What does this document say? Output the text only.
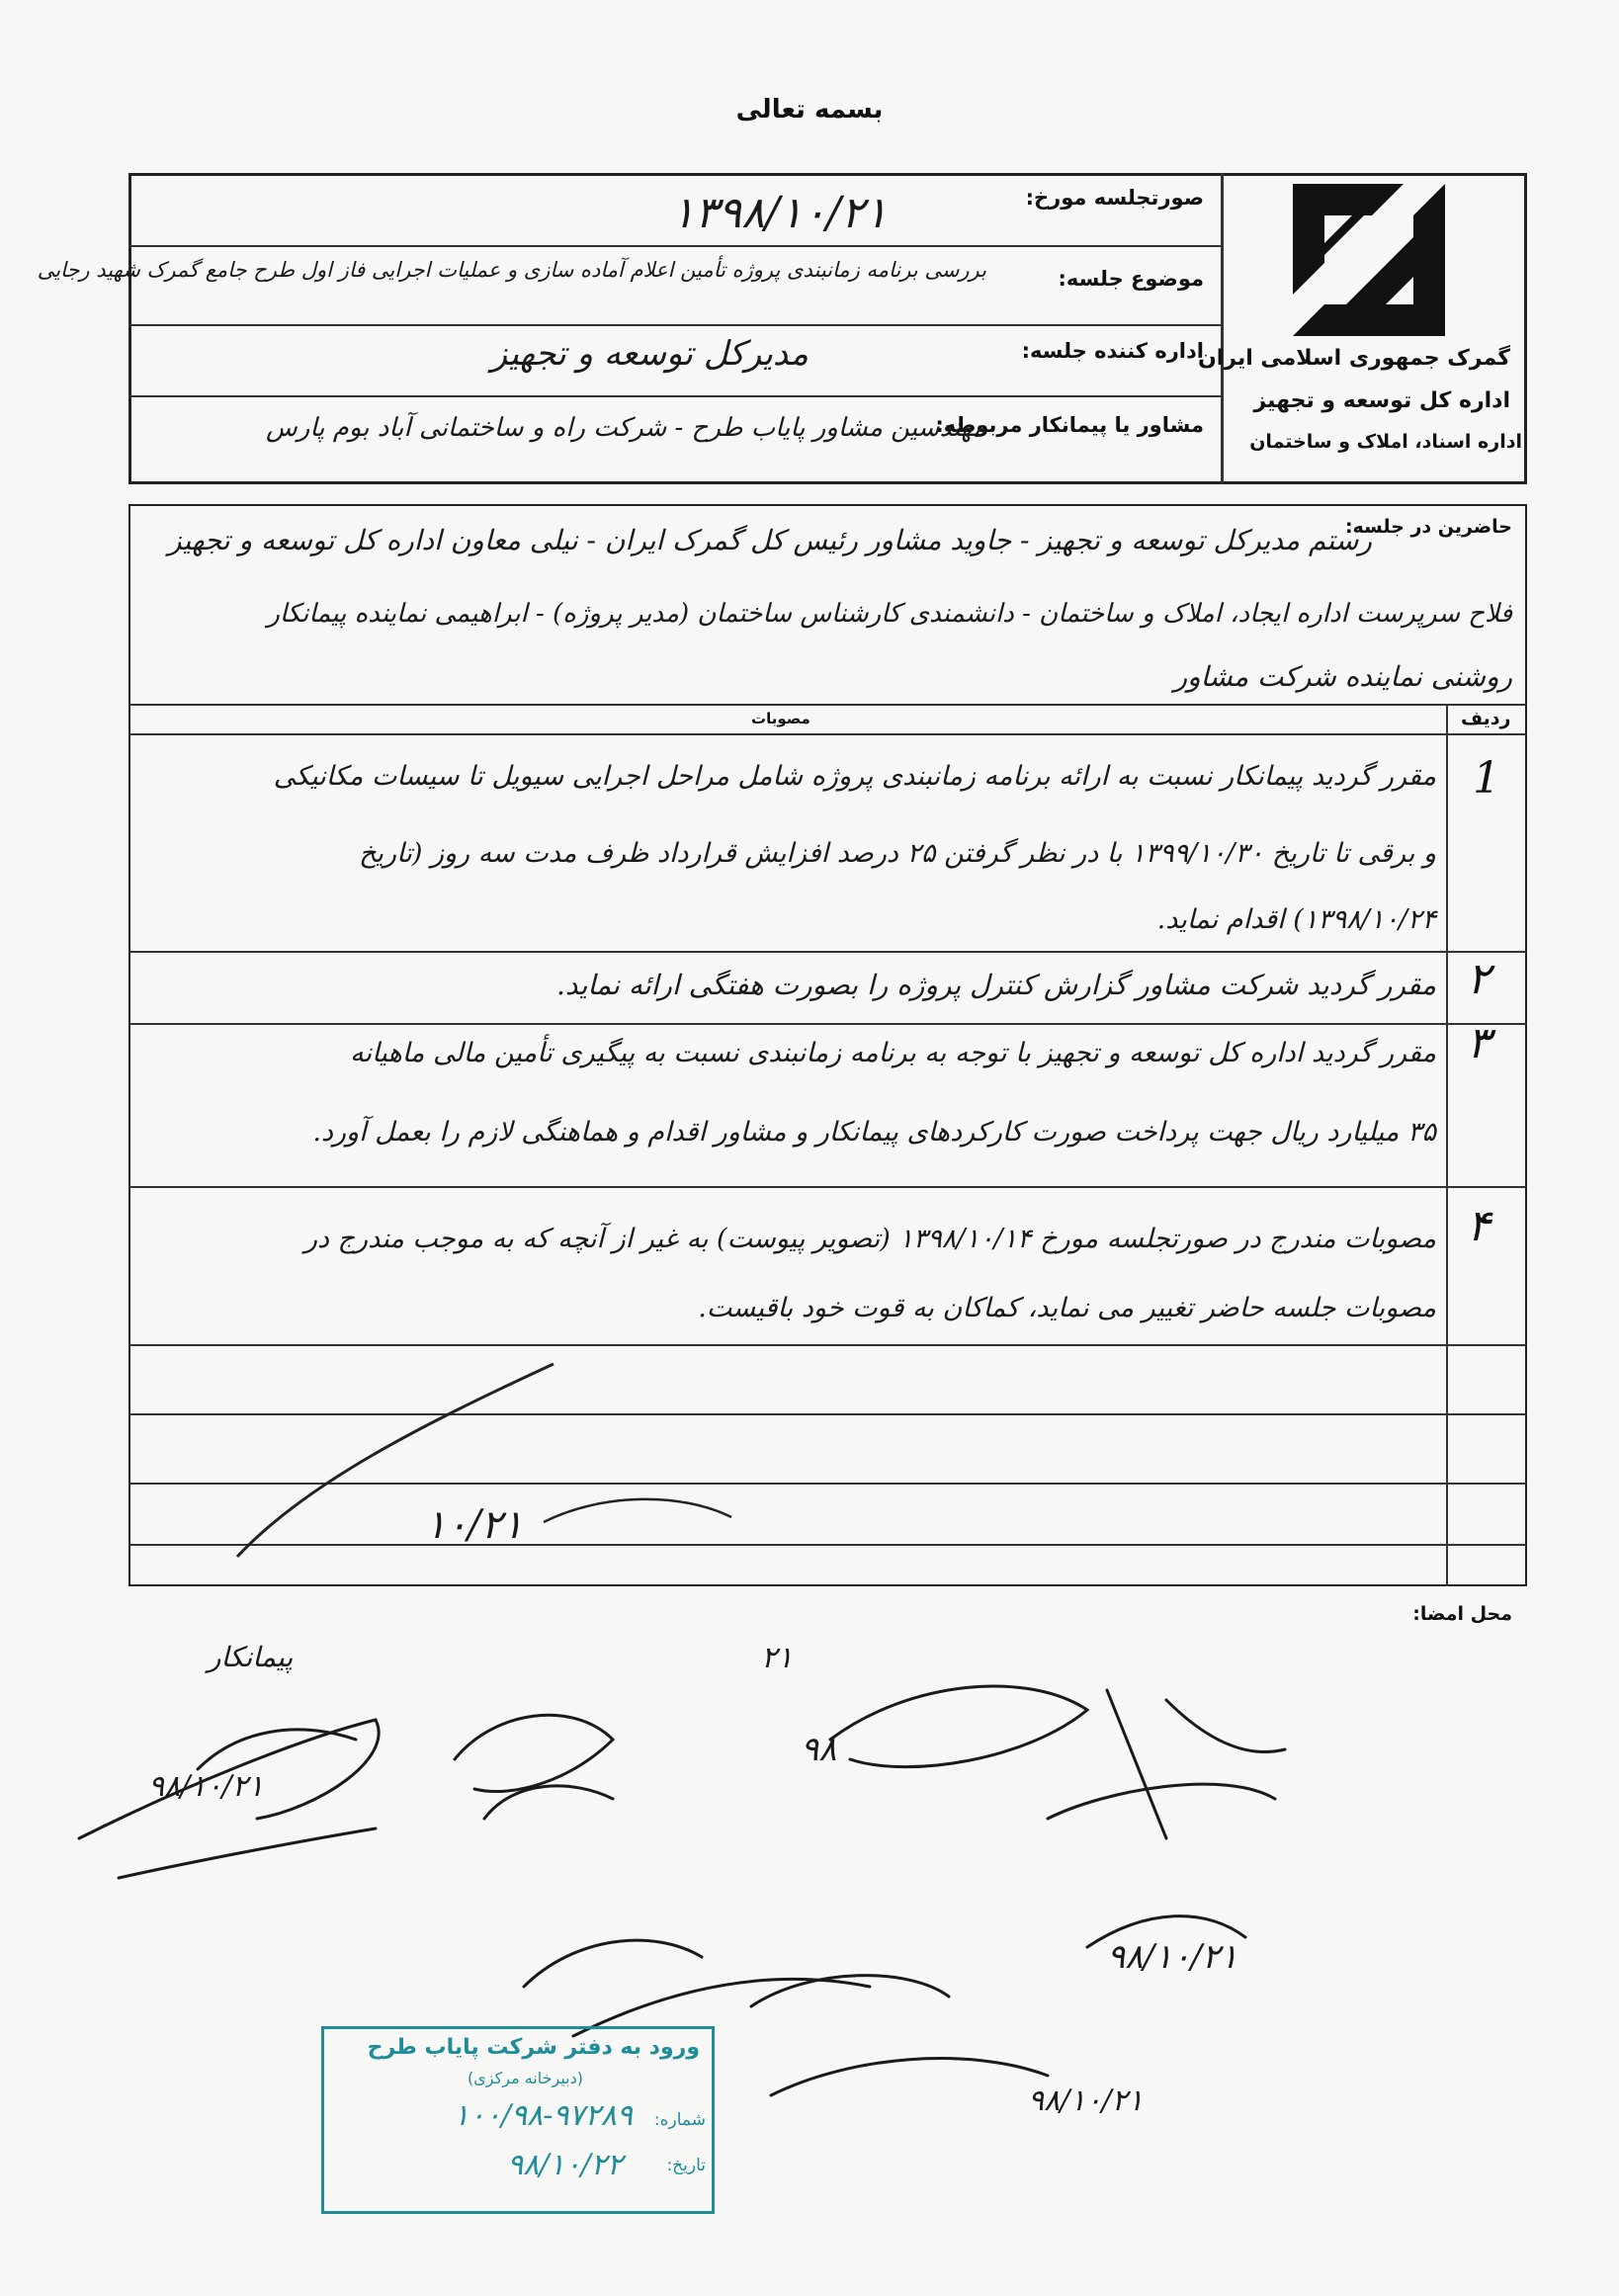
بسمه تعالی
گمرک جمهوری اسلامی ایران
اداره کل توسعه و تجهیز
اداره اسناد، املاک و ساختمان
صورتجلسه مورخ:
موضوع جلسه:
اداره کننده جلسه:
مشاور یا پیمانکار مربوطه:
۱۳۹۸/۱۰/۲۱
بررسی برنامه زمانبندی پروژه تأمین اعلام آماده سازی و عملیات اجرایی فاز اول طرح جامع گمرک شهید رجایی
مدیرکل توسعه و تجهیز
مهندسین مشاور پایاب طرح - شرکت راه و ساختمانی آباد بوم پارس
حاضرین در جلسه:
رستم مدیرکل توسعه و تجهیز - جاوید مشاور رئیس کل گمرک ایران - نیلی معاون اداره کل توسعه و تجهیز
فلاح سرپرست اداره ایجاد، املاک و ساختمان - دانشمندی کارشناس ساختمان (مدیر پروژه) - ابراهیمی نماینده پیمانکار
روشنی نماینده شرکت مشاور
ردیف
مصوبات
1
مقرر گردید پیمانکار نسبت به ارائه برنامه زمانبندی پروژه شامل مراحل اجرایی سیویل تا سیسات مکانیکی
و برقی تا تاریخ ۱۳۹۹/۱۰/۳۰ با در نظر گرفتن ۲۵ درصد افزایش قرارداد ظرف مدت سه روز (تاریخ
۱۳۹۸/۱۰/۲۴) اقدام نماید.
۲
مقرر گردید شرکت مشاور گزارش کنترل پروژه را بصورت هفتگی ارائه نماید.
۳
مقرر گردید اداره کل توسعه و تجهیز با توجه به برنامه زمانبندی نسبت به پیگیری تأمین مالی ماهیانه
۳۵ میلیارد ریال جهت پرداخت صورت کارکردهای پیمانکار و مشاور اقدام و هماهنگی لازم را بعمل آورد.
۴
مصوبات مندرج در صورتجلسه مورخ ۱۳۹۸/۱۰/۱۴ (تصویر پیوست) به غیر از آنچه که به موجب مندرج در
مصوبات جلسه حاضر تغییر می نماید، کماکان به قوت خود باقیست.
۱۰/۲۱
محل امضا:
پیمانکار
۹۸/۱۰/۲۱
۹۸
۲۱
۹۸/۱۰/۲۱
۹۸/۱۰/۲۱
ورود به دفتر شرکت پایاب طرح
(دبیرخانه مرکزی)
شماره:
۱۰۰/۹۸-۹۷۲۸۹
تاریخ:
۹۸/۱۰/۲۲
